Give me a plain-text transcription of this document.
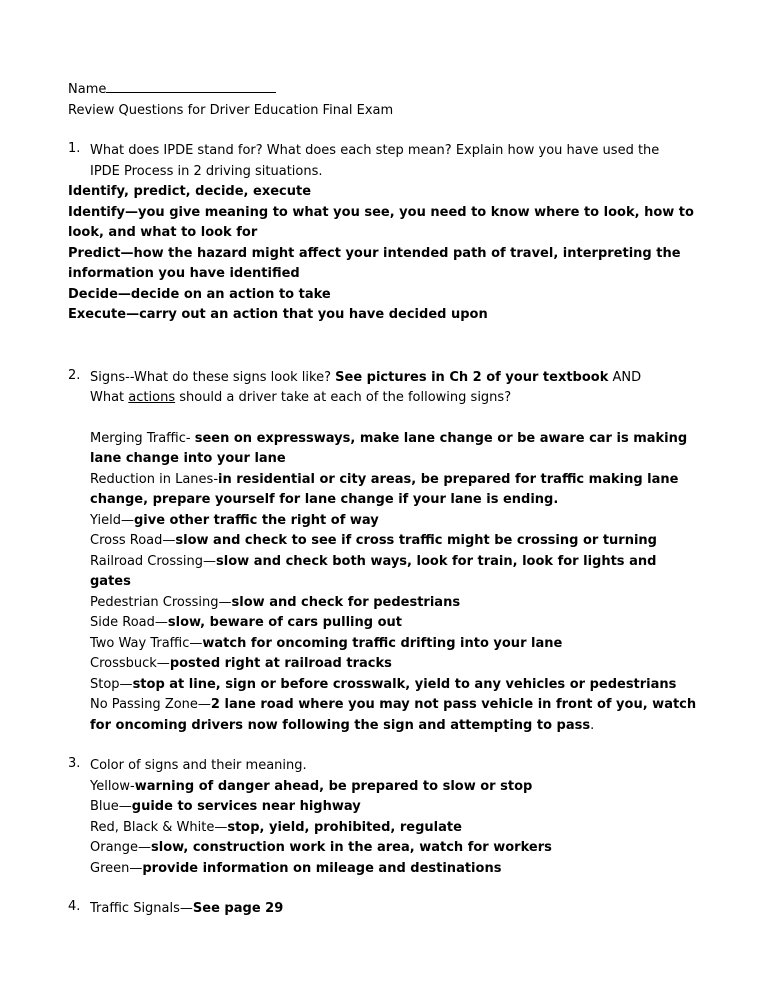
Name
Review Questions for Driver Education Final Exam
1. What does IPDE stand for? What does each step mean? Explain how you have used the
IPDE Process in 2 driving situations.
Identify, predict, decide, execute
Identify—you give meaning to what you see, you need to know where to look, how to
look, and what to look for
Predict—how the hazard might affect your intended path of travel, interpreting the
information you have identified
Decide—decide on an action to take
Execute—carry out an action that you have decided upon
2. Signs--What do these signs look like? See pictures in Ch 2 of your textbook AND
What actions should a driver take at each of the following signs?
Merging Traffic- seen on expressways, make lane change or be aware car is making
lane change into your lane
Reduction in Lanes-in residential or city areas, be prepared for traffic making lane
change, prepare yourself for lane change if your lane is ending.
Yield—give other traffic the right of way
Cross Road—slow and check to see if cross traffic might be crossing or turning
Railroad Crossing—slow and check both ways, look for train, look for lights and
gates
Pedestrian Crossing—slow and check for pedestrians
Side Road—slow, beware of cars pulling out
Two Way Traffic—watch for oncoming traffic drifting into your lane
Crossbuck—posted right at railroad tracks
Stop—stop at line, sign or before crosswalk, yield to any vehicles or pedestrians
No Passing Zone—2 lane road where you may not pass vehicle in front of you, watch
for oncoming drivers now following the sign and attempting to pass.
3. Color of signs and their meaning.
Yellow-warning of danger ahead, be prepared to slow or stop
Blue—guide to services near highway
Red, Black & White—stop, yield, prohibited, regulate
Orange—slow, construction work in the area, watch for workers
Green—provide information on mileage and destinations
4. Traffic Signals—See page 29
